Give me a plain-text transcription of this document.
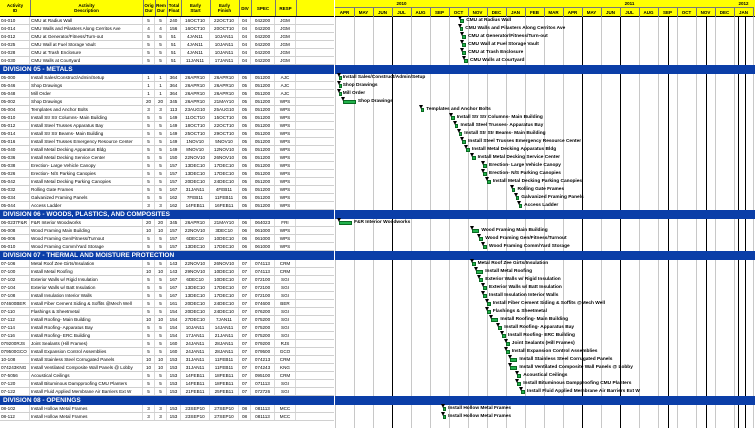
Activity
ID
Activity
Description
Orig
Dur
Rem
Dur
Total
Float
Early
Start
Early
Finish	DIV	SPEC	RESP
2010	2011	2012
APR	MAY	JUN	JUL	AUG	SEP	OCT	NOV	DEC	JAN	FEB	MAR	APR	MAY	JUN	JUL	AUG	SEP	OCT	NOV	DEC	JAN
04-010	CMU at Radius Wall	5	5	240	16OCT10	22OCT10	04	042200	JGM
04-014	CMU Walls and Pilasters Along Cerritos Ave	4	4	156	16OCT10	20OCT10	04	042200	JGM
04-012	CMU at Generator/Fitness/Turn-out	5	5	51	4JAN11	10JAN11	04	042200	JGM
04-025	CMU Wall at Fuel Storage Vault	5	5	51	4JAN11	10JAN11	04	042200	JGM
04-028	CMU at Trash Enclosure	5	5	51	4JAN11	10JAN11	04	042200	JGM
04-030	CMU Walls at Courtyard	5	5	51	11JAN11	17JAN11	04	042200	JGM
DIVISION 05 - METALS
05-000	Install Sales/Construct/Admin/Setup	1	1	364	26APR10	26APR10	05	051200	AJC
05-046	Shop Drawings	1	1	364	26APR10	26APR10	05	051200	AJC
05-048	Mill Order	1	1	364	26APR10	26APR10	05	051200	AJC
05-002	Shop Drawings	20	20	345	26APR10	21MAY10	05	051200	WPS
05-004	Templates and Anchor Bolts	3	3	113	23AUG10	25AUG10	05	051200	WPS
05-010	Install Str Str Columns- Main Building	5	5	149	11OCT10	15OCT10	05	051200	WPS
05-012	Install Steel Trusses Apparatus Bay	5	5	149	18OCT10	22OCT10	05	051200	WPS
05-014	Install Str Str Beams- Main Building	5	5	149	25OCT10	29OCT10	05	051200	WPS
05-016	Install Steel Trusses Emergency Resource Center	5	5	149	1NOV10	5NOV10	05	051200	WPS
05-040	Install Metal Decking Apparatus Bldg	5	5	149	8NOV10	12NOV10	05	051200	WPS
05-036	Install Metal Decking Service Center	5	5	150	22NOV10	26NOV10	05	051200	WPS
05-038	Erection- Large Vehicle Canopy	5	5	157	13DEC10	17DEC10	05	051200	WPS
05-026	Erection- N/S Parking Canopies	5	5	157	13DEC10	17DEC10	05	051200	WPS
05-042	Install Metal Decking Parking Canopies	5	5	157	20DEC10	24DEC10	05	051200	WPS
05-032	Rolling Gate Frames	5	5	167	31JAN11	4FEB11	05	051200	WPS
05-034	Galvanized Framing Panels	5	5	162	7FEB11	11FEB11	05	051200	WPS
05-044	Access Ladder	3	3	162	14FEB11	16FEB11	05	051200	WPS
DIVISION 06 - WOODS, PLASTICS, AND COMPOSITES
06-0237F&R F&R Interior Woodworks	20	20	345	26APR10	21MAY10	06	064023	FRI
06-008	Wood Framing Main Building	10	10	157	22NOV10	3DEC10	06	061000	WPS
06-006	Wood Framing Gen/Fitness/Turnout	5	5	157	6DEC10	10DEC10	06	061000	WPS
06-010	Wood Framing Comm/Yard Storage	5	5	157	13DEC10	17DEC10	06	061000	WPS
DIVISION 07 - THERMAL AND MOISTURE PROTECTION
07-106	Metal Roof Zee Girts/Insulation	5	5	143	22NOV10	26NOV10	07	074113	CRM
07-100	Install Metal Roofing	10	10	143	29NOV10	10DEC10	07	074113	CRM
07-102	Exterior Walls w/ Rigid Insulation	5	5	167	6DEC10	10DEC10	07	072100	SGI
07-104	Exterior Walls w/ Batt Insulation	5	5	167	13DEC10	17DEC10	07	072100	SGI
07-108	Install Insulation Interior Walls	5	5	167	13DEC10	17DEC10	07	072100	SGI
074600BER	Install Fiber Cement Siding & Soffits @Mech Well	5	5	161	20DEC10	24DEC10	07	074600	BER
07-110	Flashings & Sheetmetal	5	5	154	20DEC10	24DEC10	07	076200	SGI
07-112	Install Roofing- Main Building	10	10	154	27DEC10	7JAN11	07	075200	SGI
07-114	Install Roofing- Apparatus Bay	5	5	154	10JAN11	14JAN11	07	075200	SGI
07-116	Install Roofing- ERC Building	5	5	154	17JAN11	21JAN11	07	075200	SGI
079200RJS	Joint Sealants (Hill Frames)	5	5	160	24JAN11	28JAN11	07	079200	RJS
079500GCO Install Expansion Control Assemblies	5	5	160	24JAN11	28JAN11	07	079500	GCO
10-108	Install Stainless Steel Corrugated Panels	10	10	153	31JAN11	11FEB11	07	074213	CRM
074243KNG	Install Ventilated Composite Wall Panels @ Lobby	10	10	153	31JAN11	11FEB11	07	074243	KNG
07-5056	Acoustical Ceilings	5	5	153	14FEB11	18FEB11	07	095100	CRM
07-120	Install Bituminous Dampproofing CMU Planters	5	5	153	14FEB11	18FEB11	07	071113	SGI
07-122	Install Fluid Applied Membrane Air Barriers Ext W	5	5	153	21FEB11	25FEB11	07	072726	SGI
DIVISION 08 - OPENINGS
08-102	Install Hollow Metal Frames	3	3	153	23SEP10	27SEP10	08	081113	MCC
08-112	Install Hollow Metal Frames	3	3	153	23SEP10	27SEP10	08	081113	MCC
CMU at Radius Wall
CMU Walls and Pilasters Along Cerritos Ave
CMU at Generator/Fitness/Turn-out
CMU Wall at Fuel Storage Vault
CMU at Trash Enclosure
CMU Walls at Courtyard
Install Sales/Construct/Admin/Setup
Shop Drawings
Mill Order
Shop Drawings
Templates and Anchor Bolts
Install Str Str Columns- Main Building
Install Steel Trusses- Apparatus Bay
Install Str Str Beams- Main Building
Install Steel Trusses Emergency Resource Center
Install Metal Decking Apparatus Bldg
Install Metal Decking Service Center
Erection- Large Vehicle Canopy
Erection- N/S Parking Canopies
Install Metal Decking Parking Canopies
Rolling Gate Frames
Galvanized Framing Panels
Access Ladder
F&R Interior Woodworks
Wood Framing Main Building
Wood Framing Gen/Fitness/Turnout
Wood Framing Comm/Yard Storage
Metal Roof Zee Girts/Insulation
Install Metal Roofing
Exterior Walls w/ Rigid Insulation
Exterior Walls w/ Batt Insulation
Install Insulation Interior Walls
Install Fiber Cement Siding & Soffits @Mech Well
Flashings & Sheetmetal
Install Roofing- Main Building
Install Roofing- Apparatus Bay
Install Roofing- ERC Building
Joint Sealants (Hill Frames)
Install Expansion Control Assemblies
Install Stainless Steel Corrugated Panels
Install Ventilated Composite Wall Panels @ Lobby
Acoustical Ceilings
Install Bituminous Dampproofing CMU Planters
Install Fluid Applied Membrane Air Barriers Ext W
Install Hollow Metal Frames
Install Hollow Metal Frames
